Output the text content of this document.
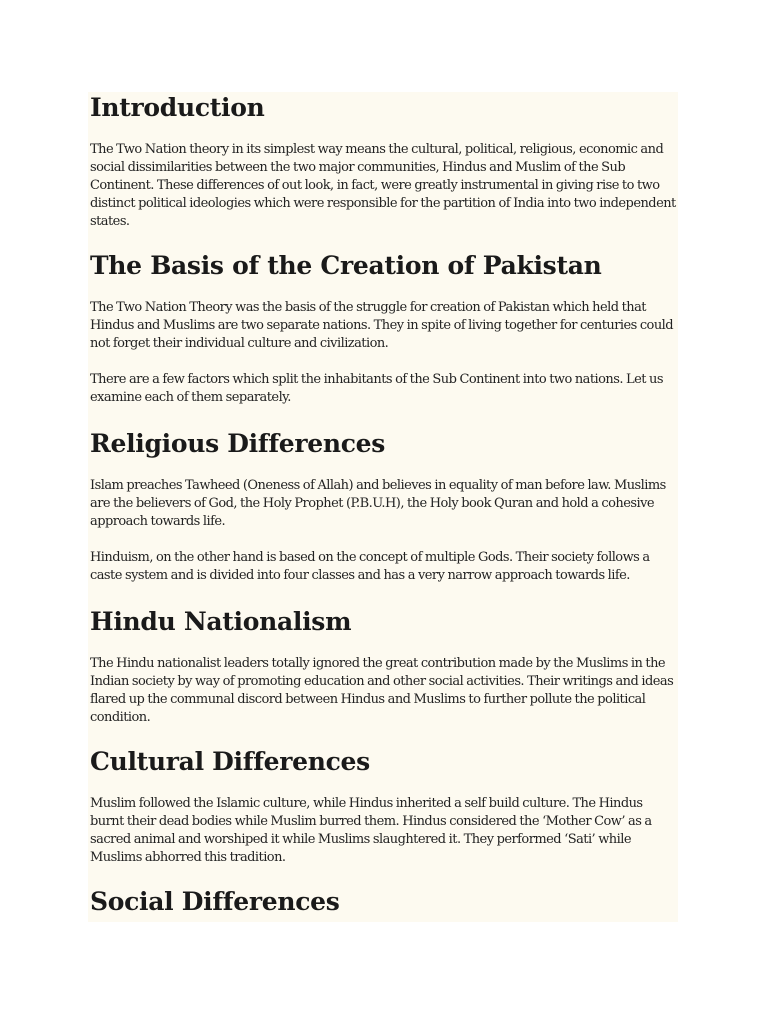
Introduction

The Two Nation theory in its simplest way means the cultural, political, religious, economic and social dissimilarities between the two major communities, Hindus and Muslim of the Sub Continent. These differences of out look, in fact, were greatly instrumental in giving rise to two distinct political ideologies which were responsible for the partition of India into two independent states.

The Basis of the Creation of Pakistan

The Two Nation Theory was the basis of the struggle for creation of Pakistan which held that Hindus and Muslims are two separate nations. They in spite of living together for centuries could not forget their individual culture and civilization.

There are a few factors which split the inhabitants of the Sub Continent into two nations. Let us examine each of them separately.

Religious Differences

Islam preaches Tawheed (Oneness of Allah) and believes in equality of man before law. Muslims are the believers of God, the Holy Prophet (P.B.U.H), the Holy book Quran and hold a cohesive approach towards life.

Hinduism, on the other hand is based on the concept of multiple Gods. Their society follows a caste system and is divided into four classes and has a very narrow approach towards life.

Hindu Nationalism

The Hindu nationalist leaders totally ignored the great contribution made by the Muslims in the Indian society by way of promoting education and other social activities. Their writings and ideas flared up the communal discord between Hindus and Muslims to further pollute the political condition.

Cultural Differences

Muslim followed the Islamic culture, while Hindus inherited a self build culture. The Hindus burnt their dead bodies while Muslim burred them. Hindus considered the ‘Mother Cow’ as a sacred animal and worshiped it while Muslims slaughtered it. They performed ‘Sati’ while Muslims abhorred this tradition.

Social Differences
